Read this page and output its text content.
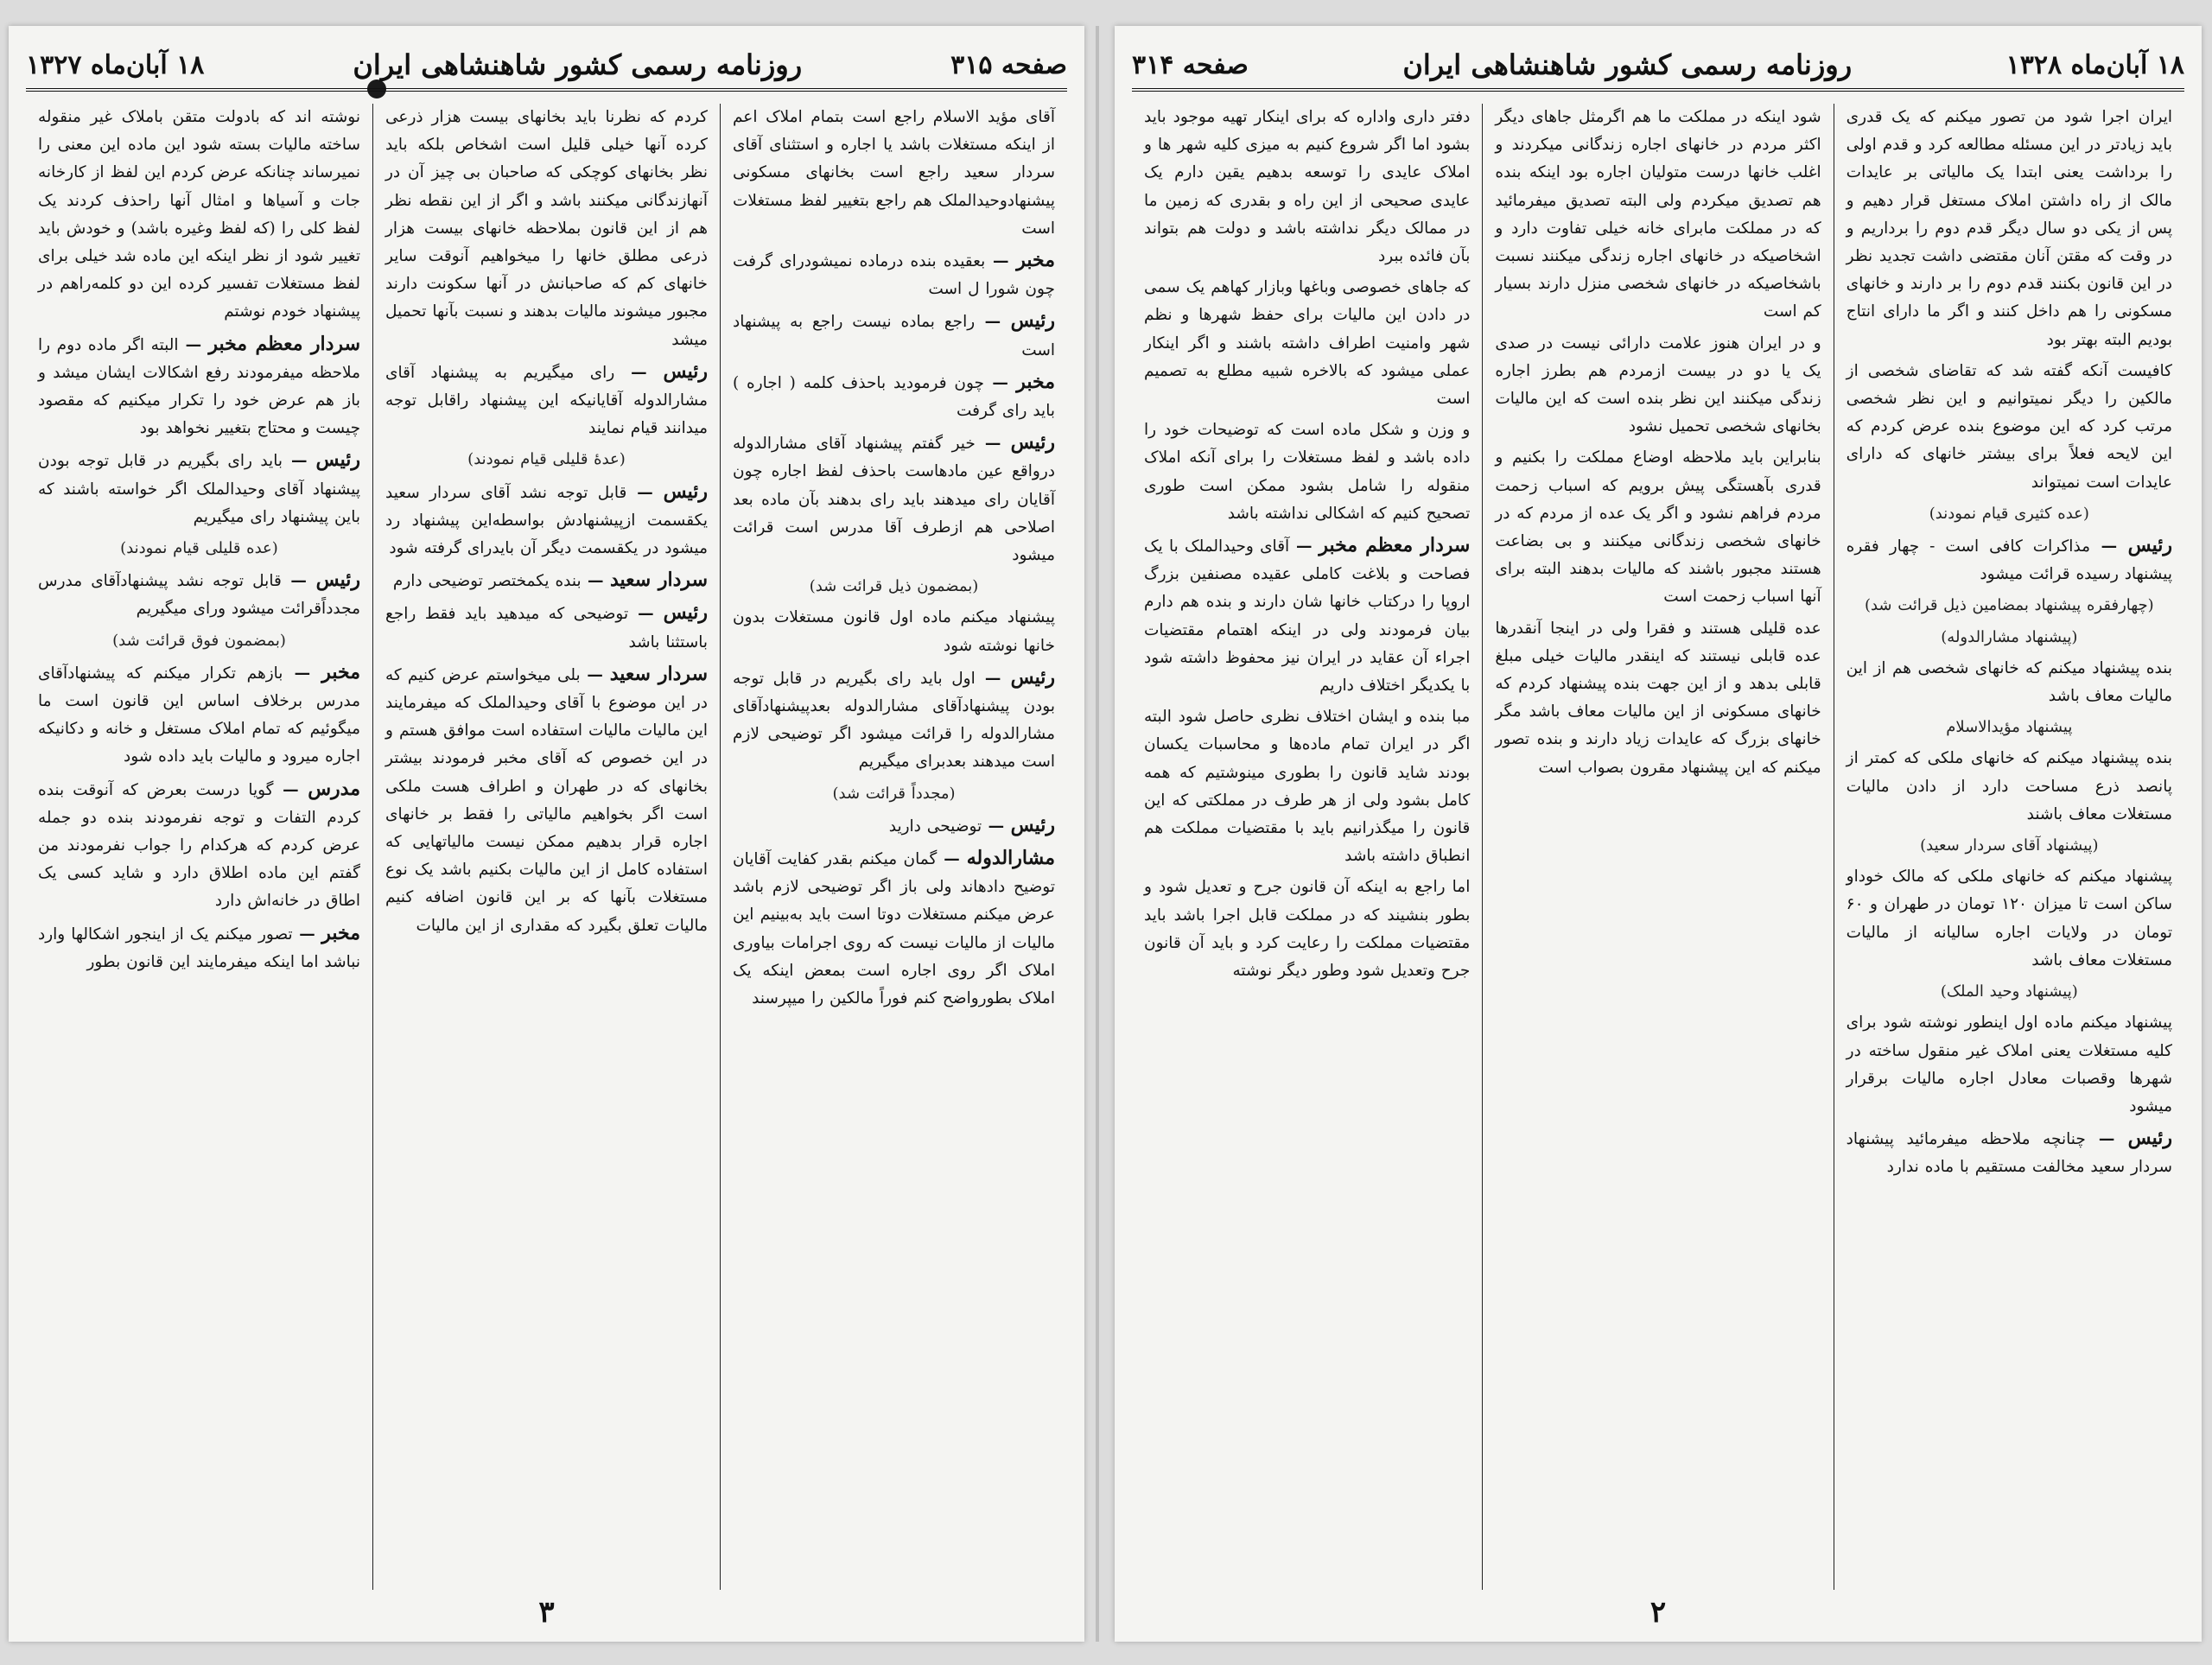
صفحه ۳۱۵
روزنامه رسمی کشور شاهنشاهی ایران
۱۸ آبان‌ماه ۱۳۲۷

آقای مؤید الاسلام راجع است بتمام املاک اعم از اینکه مستغلات باشد یا اجاره و استثنای آقای سردار سعید راجع است بخانهای مسکونی پیشنهادوحیدالملک هم راجع بتغییر لفظ مستغلات است

مخبر — بعقیده بنده درماده نمیشودرای گرفت چون شورا ل است

رئیس — راجع بماده نیست راجع به پیشنهاد است

مخبر — چون فرمودید باحذف کلمه ( اجاره ) باید رای گرفت

رئیس — خیر گفتم پیشنهاد آقای مشارالدوله درواقع عین مادهاست باحذف لفظ اجاره چون آقایان رای میدهند باید رای بدهند بآن ماده بعد اصلاحی هم ازطرف آقا مدرس است قرائت میشود

(بمضمون ذیل قرائت شد)

پیشنهاد میکنم ماده اول قانون مستغلات بدون خانها نوشته شود

رئیس — اول باید رای بگیریم در قابل توجه بودن پیشنهادآقای مشارالدوله بعدپیشنهادآقای مشارالدوله را قرائت میشود اگر توضیحی لازم است میدهند بعدبرای میگیریم

(مجدداً قرائت شد)

رئیس — توضیحی دارید

مشارالدوله — گمان میکنم بقدر کفایت آقایان توضیح دادهاند ولی باز اگر توضیحی لازم باشد عرض میکنم مستغلات دوتا است باید به‌بینیم این مالیات از مالیات نیست که روی اجرامات بیاوری املاک اگر روی اجاره است بمعض اینکه یک املاک بطورواضح کنم فوراً مالکین را میپرسند

کردم که نظرنا باید بخانهای بیست هزار ذرعی کرده آنها خیلی قلیل است اشخاص بلکه باید نظر بخانهای کوچکی که صاحبان بی چیز آن در آنهازندگانی میکنند باشد و اگر از این نقطه نظر هم از این قانون بملاحظه خانهای بیست هزار ذرعی مطلق خانها را میخواهیم آنوقت سایر خانهای کم که صاحبانش در آنها سکونت دارند مجبور میشوند مالیات بدهند و نسبت بآنها تحمیل میشد

رئیس — رای میگیریم به پیشنهاد آقای مشارالدوله آقایانیکه این پیشنهاد راقابل توجه میدانند قیام نمایند

(عدهٔ قلیلی قیام نمودند)

رئیس — قابل توجه نشد آقای سردار سعید یکقسمت ازپیشنهادش بواسطه‌این پیشنهاد رد میشود در یکقسمت دیگر آن بایدرای گرفته شود

سردار سعید — بنده یکمختصر توضیحی دارم

رئیس — توضیحی که میدهید باید فقط راجع باستثنا باشد

سردار سعید — بلی میخواستم عرض کنیم که در این موضوع با آقای وحیدالملک که میفرمایند این مالیات مالیات استفاده است موافق هستم و در این خصوص که آقای مخبر فرمودند بیشتر بخانهای که در طهران و اطراف هست ملکی است اگر بخواهیم مالیاتی را فقط بر خانهای اجاره قرار بدهیم ممکن نیست مالیاتهایی که استفاده کامل از این مالیات بکنیم باشد یک نوع مستغلات بآنها که بر این قانون اضافه کنیم مالیات تعلق بگیرد که مقداری از این مالیات

نوشته اند که بادولت متقن باملاک غیر منقوله ساخته مالیات بسته شود این ماده این معنی را نمیرساند چنانکه عرض کردم این لفظ از کارخانه جات و آسیاها و امثال آنها راحذف کردند یک لفظ کلی را (که لفظ وغیره باشد) و خودش باید تغییر شود از نظر اینکه این ماده شد خیلی برای لفظ مستغلات تفسیر کرده این دو کلمه‌راهم در پیشنهاد خودم نوشتم

سردار معظم مخبر — البته اگر ماده دوم را ملاحظه میفرمودند رفع اشکالات ایشان میشد و باز هم عرض خود را تکرار میکنیم که مقصود چیست و محتاج بتغییر نخواهد بود

رئیس — باید رای بگیریم در قابل توجه بودن پیشنهاد آقای وحیدالملک اگر خواسته باشند که باین پیشنهاد رای میگیریم

(عده قلیلی قیام نمودند)

رئیس — قابل توجه نشد پیشنهادآقای مدرس مجدداًقرائت میشود ورای میگیریم

(بمضمون فوق قرائت شد)

مخبر — بازهم تکرار میکنم که پیشنهادآقای مدرس برخلاف اساس این قانون است ما میگوئیم که تمام املاک مستغل و خانه و دکانیکه اجاره میرود و مالیات باید داده شود

مدرس — گویا درست بعرض که آنوقت بنده کردم التفات و توجه نفرمودند بنده دو جمله عرض کردم که هرکدام را جواب نفرمودند من گفتم این ماده اطلاق دارد و شاید کسی یک اطاق در خانه‌اش دارد

مخبر — تصور میکنم یک از اینجور اشکالها وارد نباشد اما اینکه میفرمایند این قانون بطور

۳
۱۸ آبان‌ماه ۱۳۲۸
روزنامه رسمی کشور شاهنشاهی ایران
صفحه ۳۱۴

ایران اجرا شود من تصور میکنم که یک قدری باید زیادتر در این مسئله مطالعه کرد و قدم اولی را برداشت یعنی ابتدا یک مالیاتی بر عایدات مالک از راه داشتن املاک مستغل قرار دهیم و پس از یکی دو سال دیگر قدم دوم را برداریم و در وقت که مقتن آنان مقتضی داشت تجدید نظر در این قانون بکنند قدم دوم را بر دارند و خانهای مسکونی را هم داخل کنند و اگر ما دارای انتاج بودیم البته بهتر بود

کافیست آنکه گفته شد که تقاضای شخصی از مالکین را دیگر نمیتوانیم و این نظر شخصی مرتب کرد که این موضوع بنده عرض کردم که این لایحه فعلاً برای بیشتر خانهای که دارای عایدات است نمیتواند

(عده کثیری قیام نمودند)

رئیس — مذاکرات کافی است - چهار فقره پیشنهاد رسیده قرائت میشود

(چهارفقره پیشنهاد بمضامین ذیل قرائت شد)

(پیشنهاد مشارالدوله)

بنده پیشنهاد میکنم که خانهای شخصی هم از این مالیات معاف باشد

پیشنهاد مؤیدالاسلام

بنده پیشنهاد میکنم که خانهای ملکی که کمتر از پانصد ذرع مساحت دارد از دادن مالیات مستغلات معاف باشند

(پیشنهاد آقای سردار سعید)

پیشنهاد میکنم که خانهای ملکی که مالک خوداو ساکن است تا میزان ۱۲۰ تومان در طهران و ۶۰ تومان در ولایات اجاره سالیانه از مالیات مستغلات معاف باشد

(پیشنهاد وحید الملک)

پیشنهاد میکنم ماده اول اینطور نوشته شود برای کلیه مستغلات یعنی املاک غیر منقول ساخته در شهرها وقصبات معادل اجاره مالیات برقرار میشود

رئیس — چنانچه ملاحظه میفرمائید پیشنهاد سردار سعید مخالفت مستقیم با ماده ندارد

شود اینکه در مملکت ما هم اگرمثل جاهای دیگر اکثر مردم در خانهای اجاره زندگانی میکردند و اغلب خانها درست متولیان اجاره بود اینکه بنده هم تصدیق میکردم ولی البته تصدیق میفرمائید که در مملکت مابرای خانه خیلی تفاوت دارد و اشخاصیکه در خانهای اجاره زندگی میکنند نسبت باشخاصیکه در خانهای شخصی منزل دارند بسیار کم است

و در ایران هنوز علامت دارائی نیست در صدی یک یا دو در بیست ازمردم هم بطرز اجاره زندگی میکنند این نظر بنده است که این مالیات بخانهای شخصی تحمیل نشود

بنابراین باید ملاحظه اوضاع مملکت را بکنیم و قدری بآهستگی پیش برویم که اسباب زحمت مردم فراهم نشود و اگر یک عده از مردم که در خانهای شخصی زندگانی میکنند و بی بضاعت هستند مجبور باشند که مالیات بدهند البته برای آنها اسباب زحمت است

عده قلیلی هستند و فقرا ولی در اینجا آنقدرها عده قابلی نیستند که اینقدر مالیات خیلی مبلغ قابلی بدهد و از این جهت بنده پیشنهاد کردم که خانهای مسکونی از این مالیات معاف باشد مگر خانهای بزرگ که عایدات زیاد دارند و بنده تصور میکنم که این پیشنهاد مقرون بصواب است

دفتر داری واداره که برای اینکار تهیه موجود باید بشود اما اگر شروع کنیم به میزی کلیه شهر ها و املاک عایدی را توسعه بدهیم یقین دارم یک عایدی صحیحی از این راه و بقدری که زمین ما در ممالک دیگر نداشته باشد و دولت هم بتواند بآن فائده ببرد

که جاهای خصوصی وباغها وبازار کهاهم یک سمی در دادن این مالیات برای حفظ شهرها و نظم شهر وامنیت اطراف داشته باشند و اگر اینکار عملی میشود که بالاخره شبیه مطلع به تصمیم است

و وزن و شکل ماده است که توضیحات خود را داده باشد و لفظ مستغلات را برای آنکه املاک منقوله را شامل بشود ممکن است طوری تصحیح کنیم که اشکالی نداشته باشد

سردار معظم مخبر — آقای وحیدالملک با یک فصاحت و بلاغت کاملی عقیده مصنفین بزرگ اروپا را درکتاب خانها شان دارند و بنده هم دارم بیان فرمودند ولی در اینکه اهتمام مقتضیات اجراء آن عقاید در ایران نیز محفوظ داشته شود با یکدیگر اختلاف داریم

مبا بنده و ایشان اختلاف نظری حاصل شود البته اگر در ایران تمام ماده‌ها و محاسبات یکسان بودند شاید قانون را بطوری مینوشتیم که همه کامل بشود ولی از هر طرف در مملکتی که این قانون را میگذرانیم باید با مقتضیات مملکت هم انطباق داشته باشد

اما راجع به اینکه آن قانون جرح و تعدیل شود و بطور بنشیند که در مملکت قابل اجرا باشد باید مقتضیات مملکت را رعایت کرد و باید آن قانون جرح وتعدیل شود وطور دیگر نوشته

۲
